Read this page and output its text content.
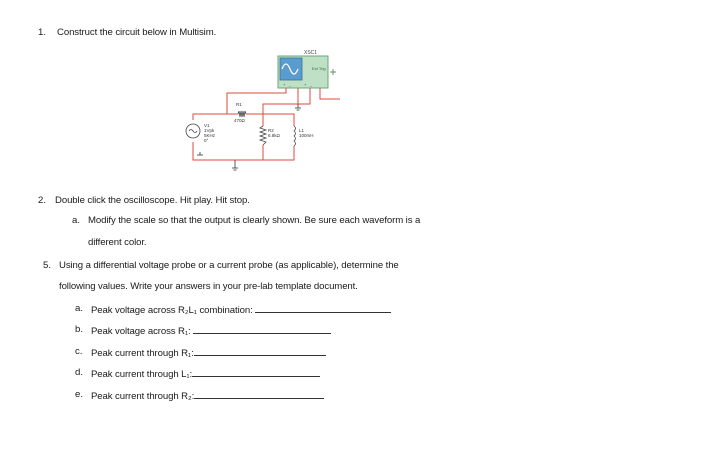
1. Construct the circuit below in Multisim.
XSC1
Ext Trig
+ _	+ _
R1
470Ω
V1
1Vpk
5KHz
0°
R2
6.8kΩ
L1
100mH
2. Double click the oscilloscope. Hit play. Hit stop.
a. Modify the scale so that the output is clearly shown. Be sure each waveform is a
different color.
5. Using a differential voltage probe or a current probe (as applicable), determine the
following values. Write your answers in your pre-lab template document.
a. Peak voltage across R₂L₁ combination:
b. Peak voltage across R₁:
c. Peak current through R₁:
d. Peak current through L₁:
e. Peak current through R₂:
